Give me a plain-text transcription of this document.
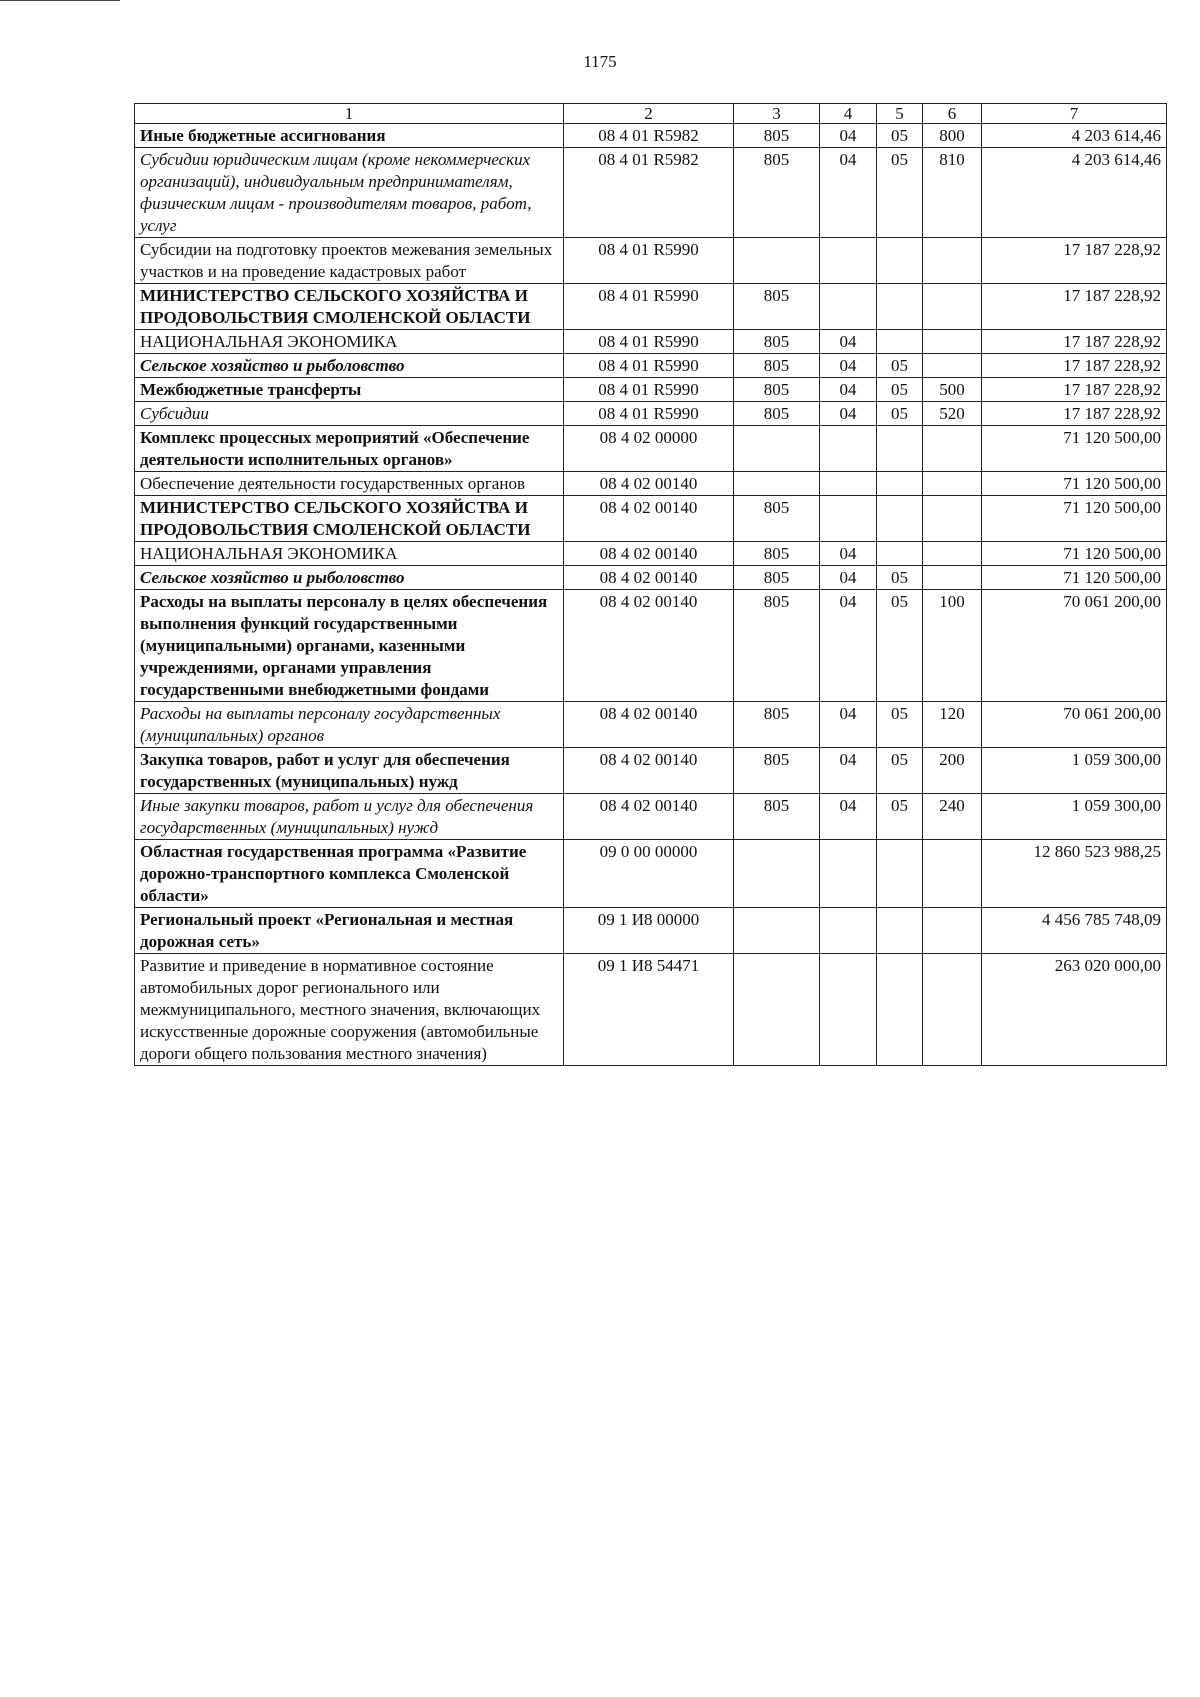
1175
1	2	3	4	5	6	7
Иные бюджетные ассигнования	08 4 01 R5982	805	04	05	800	4 203 614,46
Субсидии юридическим лицам (кроме некоммерческих организаций), индивидуальным предпринимателям, физическим лицам - производителям товаров, работ, услуг	08 4 01 R5982	805	04	05	810	4 203 614,46
Субсидии на подготовку проектов межевания земельных участков и на проведение кадастровых работ	08 4 01 R5990					17 187 228,92
МИНИСТЕРСТВО СЕЛЬСКОГО ХОЗЯЙСТВА И ПРОДОВОЛЬСТВИЯ СМОЛЕНСКОЙ ОБЛАСТИ	08 4 01 R5990	805				17 187 228,92
НАЦИОНАЛЬНАЯ ЭКОНОМИКА	08 4 01 R5990	805	04			17 187 228,92
Сельское хозяйство и рыболовство	08 4 01 R5990	805	04	05		17 187 228,92
Межбюджетные трансферты	08 4 01 R5990	805	04	05	500	17 187 228,92
Субсидии	08 4 01 R5990	805	04	05	520	17 187 228,92
Комплекс процессных мероприятий «Обеспечение деятельности исполнительных органов»	08 4 02 00000					71 120 500,00
Обеспечение деятельности государственных органов	08 4 02 00140					71 120 500,00
МИНИСТЕРСТВО СЕЛЬСКОГО ХОЗЯЙСТВА И ПРОДОВОЛЬСТВИЯ СМОЛЕНСКОЙ ОБЛАСТИ	08 4 02 00140	805				71 120 500,00
НАЦИОНАЛЬНАЯ ЭКОНОМИКА	08 4 02 00140	805	04			71 120 500,00
Сельское хозяйство и рыболовство	08 4 02 00140	805	04	05		71 120 500,00
Расходы на выплаты персоналу в целях обеспечения выполнения функций государственными (муниципальными) органами, казенными учреждениями, органами управления государственными внебюджетными фондами	08 4 02 00140	805	04	05	100	70 061 200,00
Расходы на выплаты персоналу государственных (муниципальных) органов	08 4 02 00140	805	04	05	120	70 061 200,00
Закупка товаров, работ и услуг для обеспечения государственных (муниципальных) нужд	08 4 02 00140	805	04	05	200	1 059 300,00
Иные закупки товаров, работ и услуг для обеспечения государственных (муниципальных) нужд	08 4 02 00140	805	04	05	240	1 059 300,00
Областная государственная программа «Развитие дорожно-транспортного комплекса Смоленской области»	09 0 00 00000					12 860 523 988,25
Региональный проект «Региональная и местная дорожная сеть»	09 1 И8 00000					4 456 785 748,09
Развитие и приведение в нормативное состояние автомобильных дорог регионального или межмуниципального, местного значения, включающих искусственные дорожные сооружения (автомобильные дороги общего пользования местного значения)	09 1 И8 54471					263 020 000,00
